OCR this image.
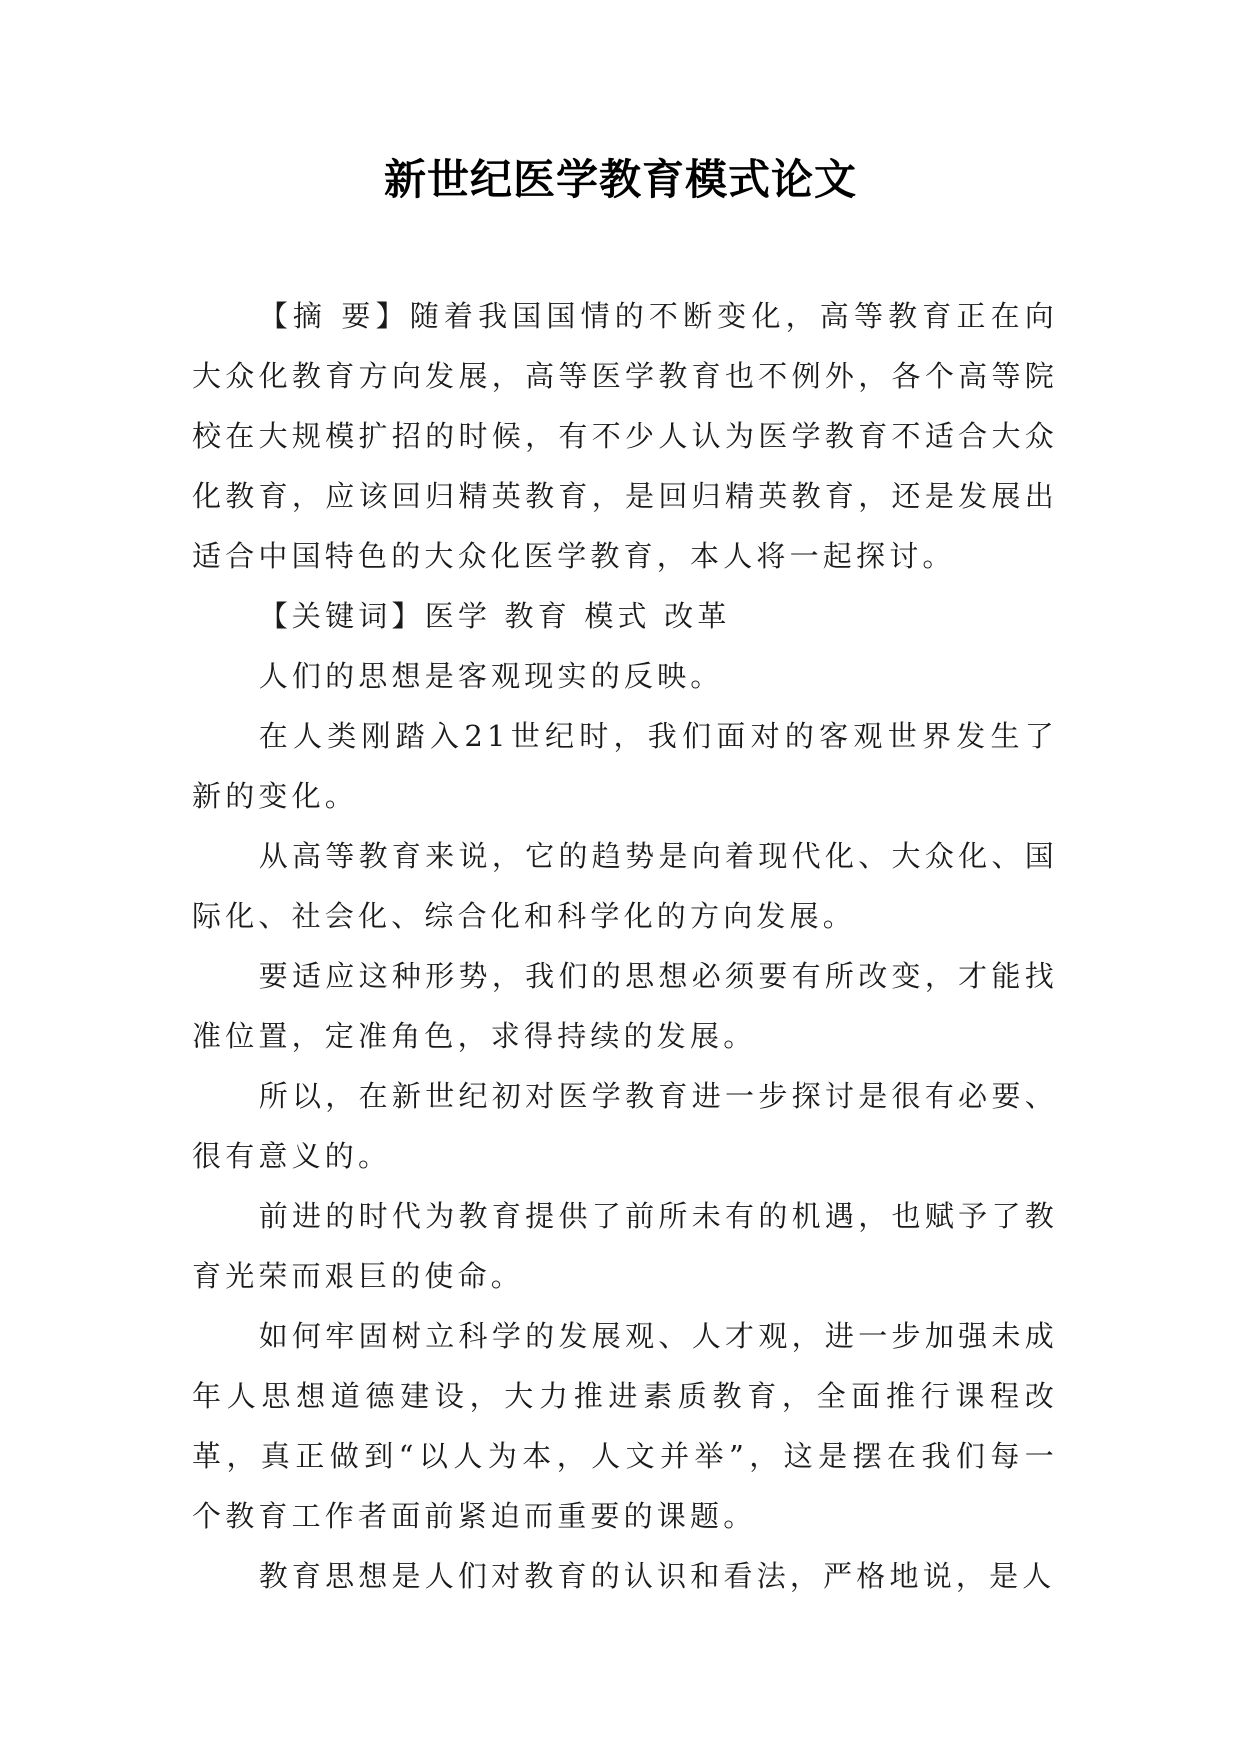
新世纪医学教育模式论文

【摘 要】随着我国国情的不断变化，高等教育正在向大众化教育方向发展，高等医学教育也不例外，各个高等院校在大规模扩招的时候，有不少人认为医学教育不适合大众化教育，应该回归精英教育，是回归精英教育，还是发展出适合中国特色的大众化医学教育，本人将一起探讨。

【关键词】医学 教育 模式 改革

人们的思想是客观现实的反映。

在人类刚踏入21世纪时，我们面对的客观世界发生了新的变化。

从高等教育来说，它的趋势是向着现代化、大众化、国际化、社会化、综合化和科学化的方向发展。

要适应这种形势，我们的思想必须要有所改变，才能找准位置，定准角色，求得持续的发展。

所以，在新世纪初对医学教育进一步探讨是很有必要、很有意义的。

前进的时代为教育提供了前所未有的机遇，也赋予了教育光荣而艰巨的使命。

如何牢固树立科学的发展观、人才观，进一步加强未成年人思想道德建设，大力推进素质教育，全面推行课程改革，真正做到“以人为本，人文并举”，这是摆在我们每一个教育工作者面前紧迫而重要的课题。

教育思想是人们对教育的认识和看法，严格地说，是人
